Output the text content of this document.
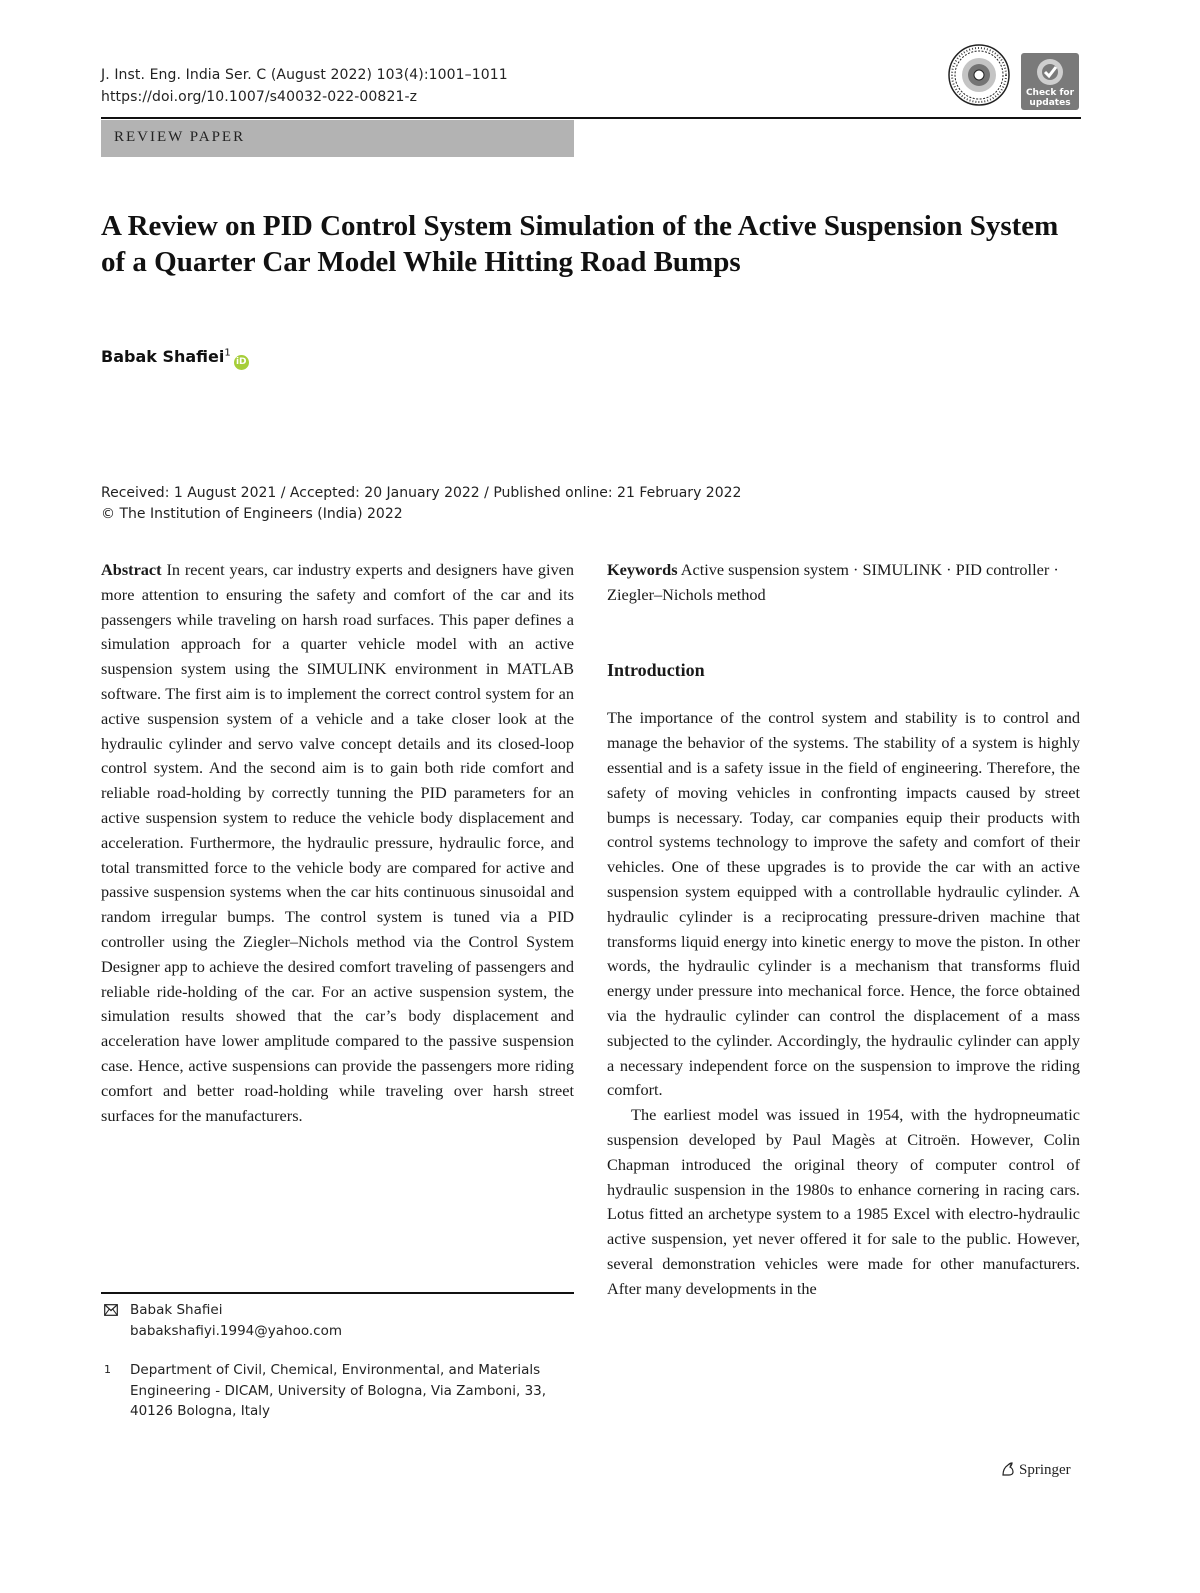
J. Inst. Eng. India Ser. C (August 2022) 103(4):1001–1011
https://doi.org/10.1007/s40032-022-00821-z	Check for
updates
REVIEW PAPER
A Review on PID Control System Simulation of the Active Suspension System of a Quarter Car Model While Hitting Road Bumps
Babak Shafiei$^1$iD
Received: 1 August 2021 / Accepted: 20 January 2022 / Published online: 21 February 2022
© The Institution of Engineers (India) 2022

Abstract In recent years, car industry experts and designers have given more attention to ensuring the safety and comfort of the car and its passengers while traveling on harsh road surfaces. This paper defines a simulation approach for a quarter vehicle model with an active suspension system using the SIMULINK environment in MATLAB software. The first aim is to implement the correct control system for an active suspension system of a vehicle and a take closer look at the hydraulic cylinder and servo valve concept details and its closed-loop control system. And the second aim is to gain both ride comfort and reliable road-holding by correctly tunning the PID parameters for an active suspension system to reduce the vehicle body displacement and acceleration. Furthermore, the hydraulic pressure, hydraulic force, and total transmitted force to the vehicle body are compared for active and passive suspension systems when the car hits continuous sinusoidal and random irregular bumps. The control system is tuned via a PID controller using the Ziegler–Nichols method via the Control System Designer app to achieve the desired comfort traveling of passengers and reliable ride-holding of the car. For an active suspension system, the simulation results showed that the car’s body displacement and acceleration have lower amplitude compared to the passive suspension case. Hence, active suspensions can provide the passengers more riding comfort and better road-holding while traveling over harsh street surfaces for the manufacturers.

Keywords Active suspension system · SIMULINK · PID controller · Ziegler–Nichols method

Introduction

The importance of the control system and stability is to control and manage the behavior of the systems. The stability of a system is highly essential and is a safety issue in the field of engineering. Therefore, the safety of moving vehicles in confronting impacts caused by street bumps is necessary. Today, car companies equip their products with control systems technology to improve the safety and comfort of their vehicles. One of these upgrades is to provide the car with an active suspension system equipped with a controllable hydraulic cylinder. A hydraulic cylinder is a reciprocating pressure-driven machine that transforms liquid energy into kinetic energy to move the piston. In other words, the hydraulic cylinder is a mechanism that transforms fluid energy under pressure into mechanical force. Hence, the force obtained via the hydraulic cylinder can control the displacement of a mass subjected to the cylinder. Accordingly, the hydraulic cylinder can apply a necessary independent force on the suspension to improve the riding comfort.

The earliest model was issued in 1954, with the hydropneumatic suspension developed by Paul Magès at Citroën. However, Colin Chapman introduced the original theory of computer control of hydraulic suspension in the 1980s to enhance cornering in racing cars. Lotus fitted an archetype system to a 1985 Excel with electro-hydraulic active suspension, yet never offered it for sale to the public. However, several demonstration vehicles were made for other manufacturers. After many developments in the

Babak Shafiei
babakshafiyi.1994@yahoo.com
1 Department of Civil, Chemical, Environmental, and Materials Engineering - DICAM, University of Bologna, Via Zamboni, 33, 40126 Bologna, Italy
Springer
